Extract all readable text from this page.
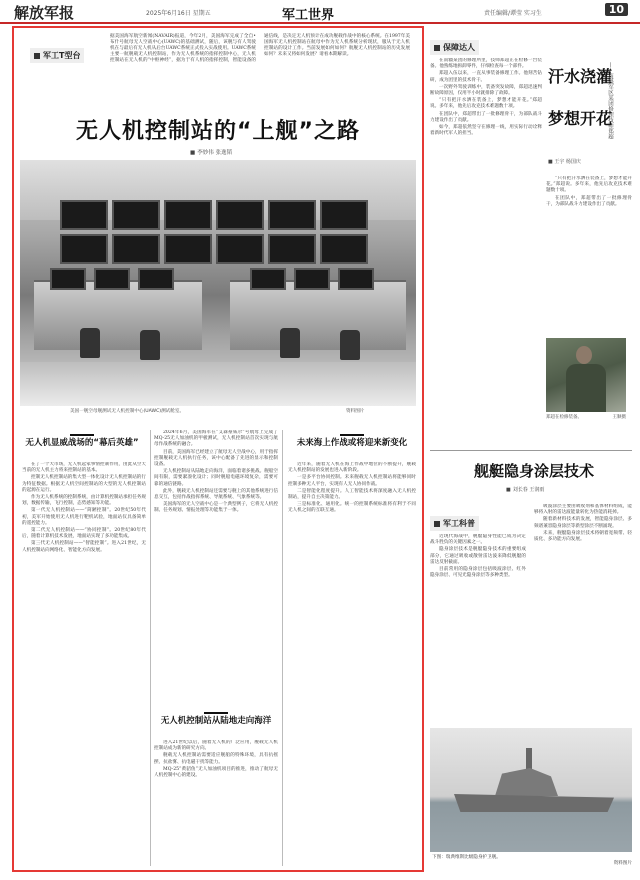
解放军报	2025年6月16日 星期五	军工世界	责任编辑/谭莹 实习生	10
军工T型台
据美国海军航空新闻(NAVAIR)报道，今年2月，美国海军完成了全自•布什号航母无人空战中心(UAWC)的基础测试，随后，该舰与有人驾驶机在与最后有无人机从后台UAWC系统正式投入实战使用。UAWC系统主要一航舰载无人机控制站，作为无人机系统的指挥控制中心，无人机控制站在无人机的“中枢神经”，据为于有人机的指挥控制，智能设备的通信线，是决定无人机预计在成功舰载作战中的核心系统。在1997年美国海军无人机控制站在航母中作为无人机系统分析现状，服从于无人机控制站的设计工作。当前发展如何如何？航舰无人机控制站的历史发展如何？未来又将如何发展？请看本期解读。
无人机控制站的“上舰”之路
■ 李妙伟 张逸韬
美国一舰空母舰测试无人机控制中心(UAWC)测试舱室。	资料图片
无人机显威战场的“幕后英雄”

在了一个大市场，无人机起家事情控制作用，由此从空天当前的无人机主力将来控制站的基本。

控制无人机控制站的集大型一体化设计无人机控制站的行为特征数据。根据无人机空间控制站的大型的无人机控制站的起源在运行。

作为无人机系统的控制系统，由计算机控制站承担任务规划，数据传输，飞行控制，态势感知等功能。

第一代无人机控制站——“简陋控制”。20世纪50年代初，美军开始使用无人机进行靶机试验，地面站仅具备简单的遥控能力。

第二代无人机控制站——“协同控制”。20世纪80年代后，随着计算机技术发展，地面站实现了多功能集成。

第三代无人机控制站——“智能控制”。进入21世纪，无人机控制站向网络化、智能化方向发展。

2024年6月，美国海军在“艾森豪威尔”号航母上完成了MQ-25无人加油机的甲板测试，无人机控制站首次实现与航母作战系统的融合。

目前，美国海军已经建立了航母无人空战中心，用于指挥控制舰载无人机执行任务，该中心配备了先进的显示和控制设备。

无人机控制站从陆地走向海洋，面临着诸多挑战。舰船空间有限，需要紧凑化设计；同时舰船电磁环境复杂，需要可靠的通信链路。

此外，舰载无人机控制站还需要与舰上的其他系统进行信息交互，包括作战指挥系统、导航系统、气象系统等。

美国海军的无人空战中心是一个典型例子，它将无人机控制、任务规划、情报处理等功能集于一体。

无人机控制站从陆地走向海洋

进入21世纪以后，随着无人机的广泛应用，舰载无人机控制站成为新的研究方向。

舰载无人机控制站需要适应舰船的特殊环境，具有抗摇摆、抗盐雾、抗电磁干扰等能力。

MQ-25“黄貂鱼”无人加油机项目的推进，推动了航母无人机控制中心的建设。

未来海上作战或将迎来新变化

近年来，随着无人机在海上作战中地位的不断提升，舰载无人机控制站的发展也进入新阶段。

一是多平台协同控制。未来舰载无人机控制站将能够同时控制多种无人平台，实现有人无人协同作战。

二是智能化程度提升。人工智能技术将深度融入无人机控制站，提升自主决策能力。

三是标准化、通用化。统一的控制系统标准将有利于不同无人机之间的互联互通。

保障达人

在南疆某团的修理所里，技师郑超正在检修一台装备。他熟练地拆卸零件，仔细检查每一个部件。

郑超入伍以来，一直从事装备修理工作。他刻苦钻研，成为团里的技术骨干。

一次野外驾驶训练中，装备突发故障，郑超迅速判断故障原因，仅用半小时就排除了故障。

“只有把汗水洒在装备上，梦想才能开花。”郑超说。多年来，他先后攻克技术难题数十项。

在团队中，郑超带出了一批修理骨干，为部队战斗力建设作出了贡献。

如今，郑超依然坚守在修理一线，用实际行动诠释着新时代军人的担当。

汗水浇灌
梦想开花
——南疆军区某团修理技师郑超
■ 王宇 杨国庆

“只有把汗水洒在装备上，梦想才能开花。”郑超说。多年来，他先后攻克技术难题数十项。

在团队中，郑超带出了一批修理骨干，为部队战斗力建设作出了贡献。

郑超在检修装备。	王顺摄
舰艇隐身涂层技术
■ 刘长春 王润雨
军工科普

近现代海战中，舰艇隐身性能已成为决定战斗胜负的关键因素之一。

隐身涂层技术是舰艇隐身技术的重要组成部分，它通过吸收或散射雷达波来降低舰艇的雷达反射截面。

目前常用的隐身涂层包括吸波涂层、红外隐身涂层、可见光隐身涂层等多种类型。

吸波涂层主要由吸收剂和基体材料组成，能够将入射的雷达波能量转化为热能消耗掉。

随着新材料技术的发展，智能隐身涂层、多频谱兼容隐身涂层等新型涂层不断涌现。

未来，舰艇隐身涂层技术将朝着宽频带、轻质化、多功能方向发展。

下图：瑞典维斯比级隐身护卫舰。
资料图片
